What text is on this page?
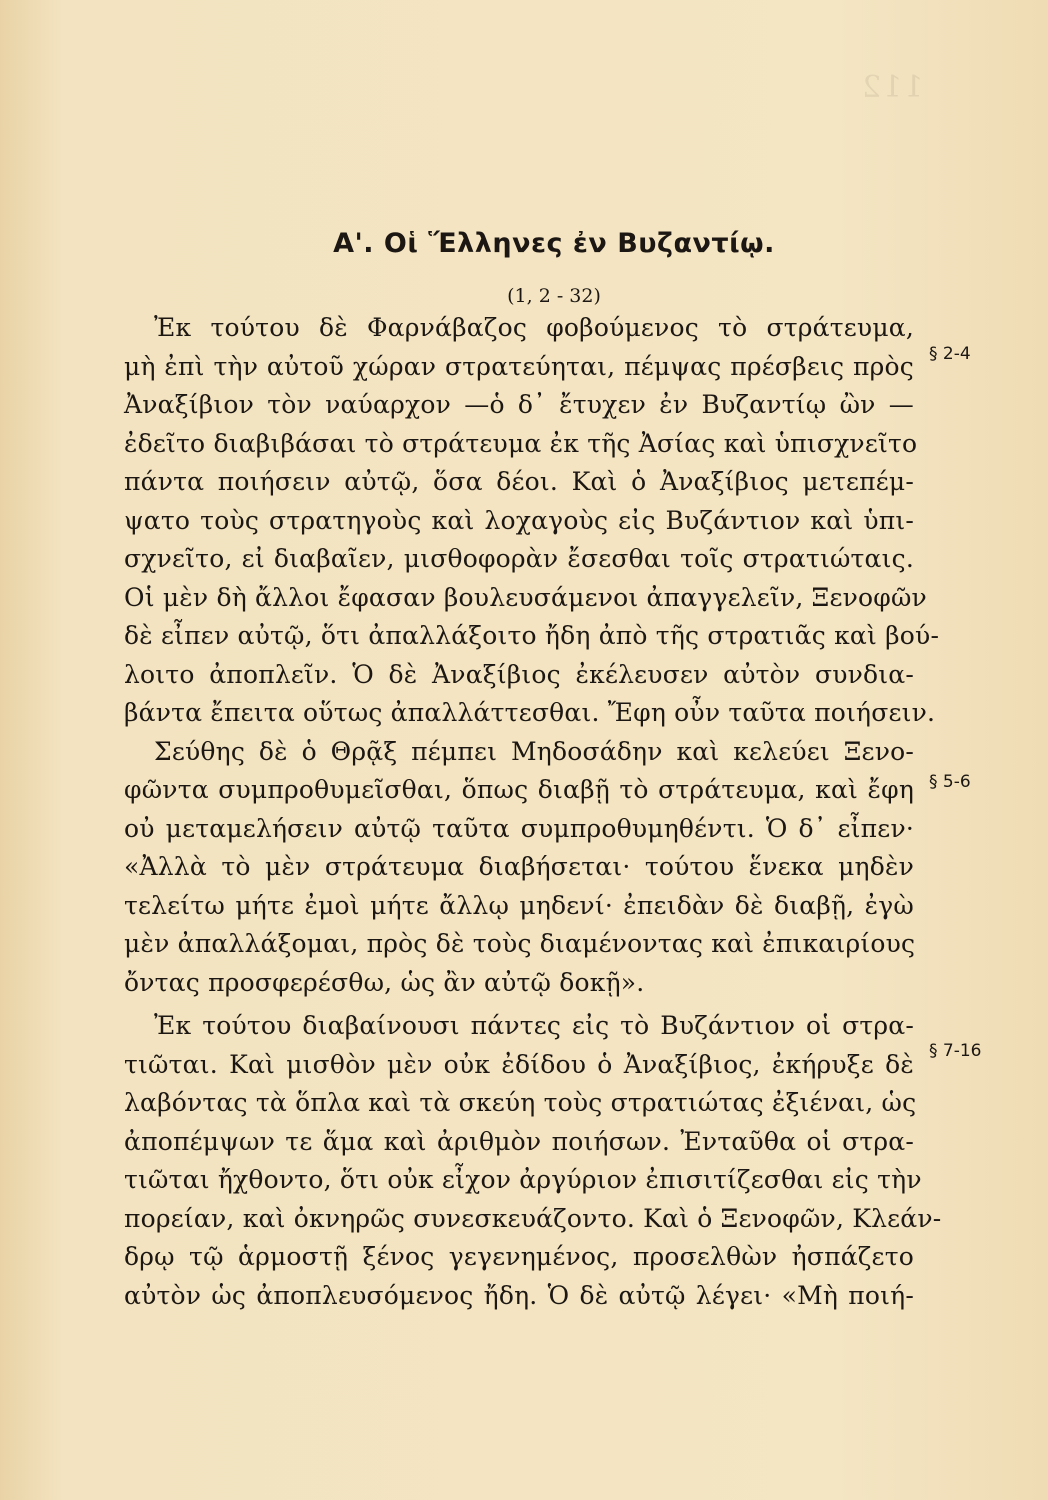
112
Α'. Οἱ Ἕλληνες ἐν Βυζαντίῳ.
(1, 2 - 32)
Ἐκ τούτου δὲ Φαρνάβαζος φοβούμενος τὸ στράτευμα,
μὴ ἐπὶ τὴν αὐτοῦ χώραν στρατεύηται, πέμψας πρέσβεις πρὸς
Ἀναξίβιον τὸν ναύαρχον —ὁ δ᾽ ἔτυχεν ἐν Βυζαντίῳ ὢν —
ἐδεῖτο διαβιβάσαι τὸ στράτευμα ἐκ τῆς Ἀσίας καὶ ὑπισχνεῖτο
πάντα ποιήσειν αὐτῷ, ὅσα δέοι. Καὶ ὁ Ἀναξίβιος μετεπέμ-
ψατο τοὺς στρατηγοὺς καὶ λοχαγοὺς εἰς Βυζάντιον καὶ ὑπι-
σχνεῖτο, εἰ διαβαῖεν, μισθοφορὰν ἔσεσθαι τοῖς στρατιώταις.
Οἱ μὲν δὴ ἄλλοι ἔφασαν βουλευσάμενοι ἀπαγγελεῖν, Ξενοφῶν
δὲ εἶπεν αὐτῷ, ὅτι ἀπαλλάξοιτο ἤδη ἀπὸ τῆς στρατιᾶς καὶ βού-
λοιτο ἀποπλεῖν. Ὁ δὲ Ἀναξίβιος ἐκέλευσεν αὐτὸν συνδια-
βάντα ἔπειτα οὕτως ἀπαλλάττεσθαι. Ἔφη οὖν ταῦτα ποιήσειν.
Σεύθης δὲ ὁ Θρᾷξ πέμπει Μηδοσάδην καὶ κελεύει Ξενο-
φῶντα συμπροθυμεῖσθαι, ὅπως διαβῇ τὸ στράτευμα, καὶ ἔφη
οὐ μεταμελήσειν αὐτῷ ταῦτα συμπροθυμηθέντι. Ὁ δ᾽ εἶπεν·
«Ἀλλὰ τὸ μὲν στράτευμα διαβήσεται· τούτου ἕνεκα μηδὲν
τελείτω μήτε ἐμοὶ μήτε ἄλλῳ μηδενί· ἐπειδὰν δὲ διαβῇ, ἐγὼ
μὲν ἀπαλλάξομαι, πρὸς δὲ τοὺς διαμένοντας καὶ ἐπικαιρίους
ὄντας προσφερέσθω, ὡς ἂν αὐτῷ δοκῇ».
Ἐκ τούτου διαβαίνουσι πάντες εἰς τὸ Βυζάντιον οἱ στρα-
τιῶται. Καὶ μισθὸν μὲν οὐκ ἐδίδου ὁ Ἀναξίβιος, ἐκήρυξε δὲ
λαβόντας τὰ ὅπλα καὶ τὰ σκεύη τοὺς στρατιώτας ἐξιέναι, ὡς
ἀποπέμψων τε ἅμα καὶ ἀριθμὸν ποιήσων. Ἐνταῦθα οἱ στρα-
τιῶται ἤχθοντο, ὅτι οὐκ εἶχον ἀργύριον ἐπισιτίζεσθαι εἰς τὴν
πορείαν, καὶ ὀκνηρῶς συνεσκευάζοντο. Καὶ ὁ Ξενοφῶν, Κλεάν-
δρῳ τῷ ἁρμοστῇ ξένος γεγενημένος, προσελθὼν ἠσπάζετο
αὐτὸν ὡς ἀποπλευσόμενος ἤδη. Ὁ δὲ αὐτῷ λέγει· «Μὴ ποιή-
§ 2-4
§ 5-6
§ 7-16
